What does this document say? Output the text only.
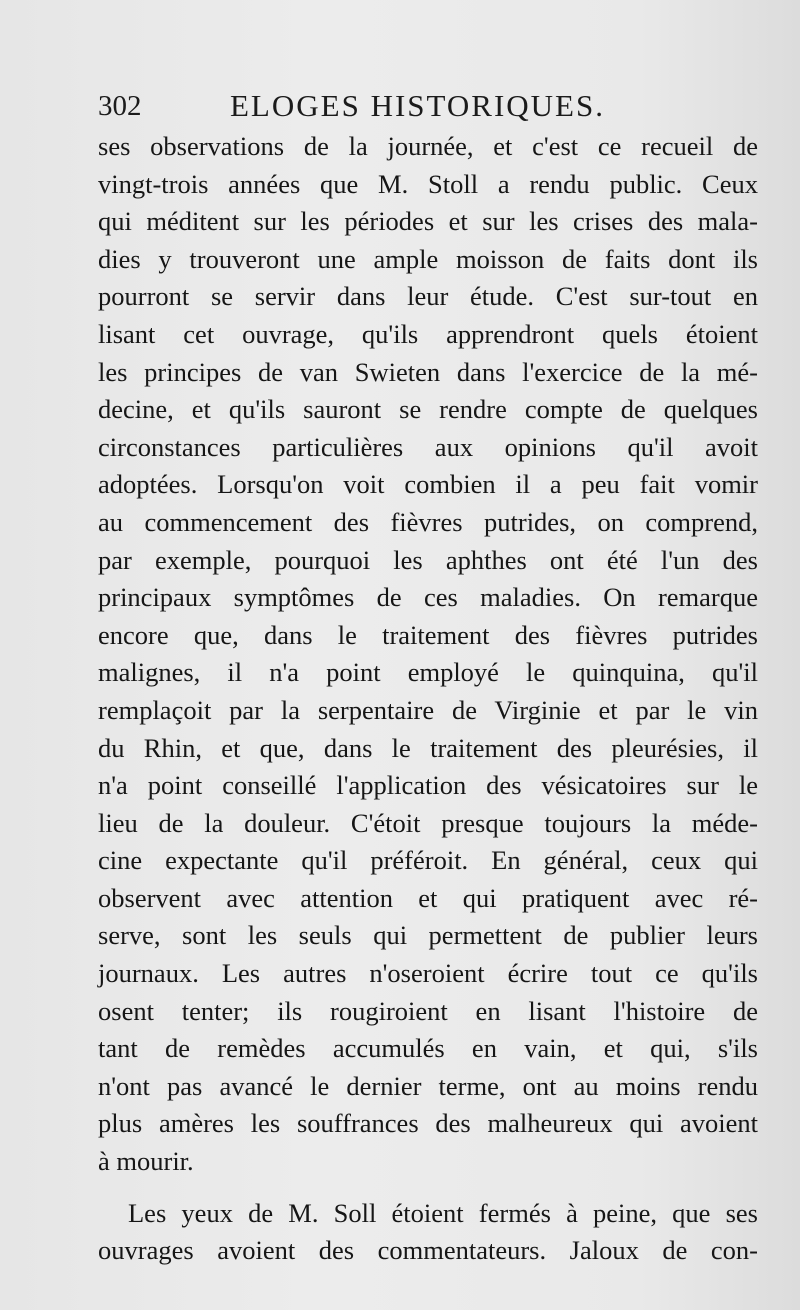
302	ELOGES HISTORIQUES.
ses observations de la journée, et c'est ce recueil de
vingt-trois années que M. Stoll a rendu public. Ceux
qui méditent sur les périodes et sur les crises des mala-
dies y trouveront une ample moisson de faits dont ils
pourront se servir dans leur étude. C'est sur-tout en
lisant cet ouvrage, qu'ils apprendront quels étoient
les principes de van Swieten dans l'exercice de la mé-
decine, et qu'ils sauront se rendre compte de quelques
circonstances particulières aux opinions qu'il avoit
adoptées. Lorsqu'on voit combien il a peu fait vomir
au commencement des fièvres putrides, on comprend,
par exemple, pourquoi les aphthes ont été l'un des
principaux symptômes de ces maladies. On remarque
encore que, dans le traitement des fièvres putrides
malignes, il n'a point employé le quinquina, qu'il
remplaçoit par la serpentaire de Virginie et par le vin
du Rhin, et que, dans le traitement des pleurésies, il
n'a point conseillé l'application des vésicatoires sur le
lieu de la douleur. C'étoit presque toujours la méde-
cine expectante qu'il préféroit. En général, ceux qui
observent avec attention et qui pratiquent avec ré-
serve, sont les seuls qui permettent de publier leurs
journaux. Les autres n'oseroient écrire tout ce qu'ils
osent tenter; ils rougiroient en lisant l'histoire de
tant de remèdes accumulés en vain, et qui, s'ils
n'ont pas avancé le dernier terme, ont au moins rendu
plus amères les souffrances des malheureux qui avoient
à mourir.
Les yeux de M. Soll étoient fermés à peine, que ses
ouvrages avoient des commentateurs. Jaloux de con-
